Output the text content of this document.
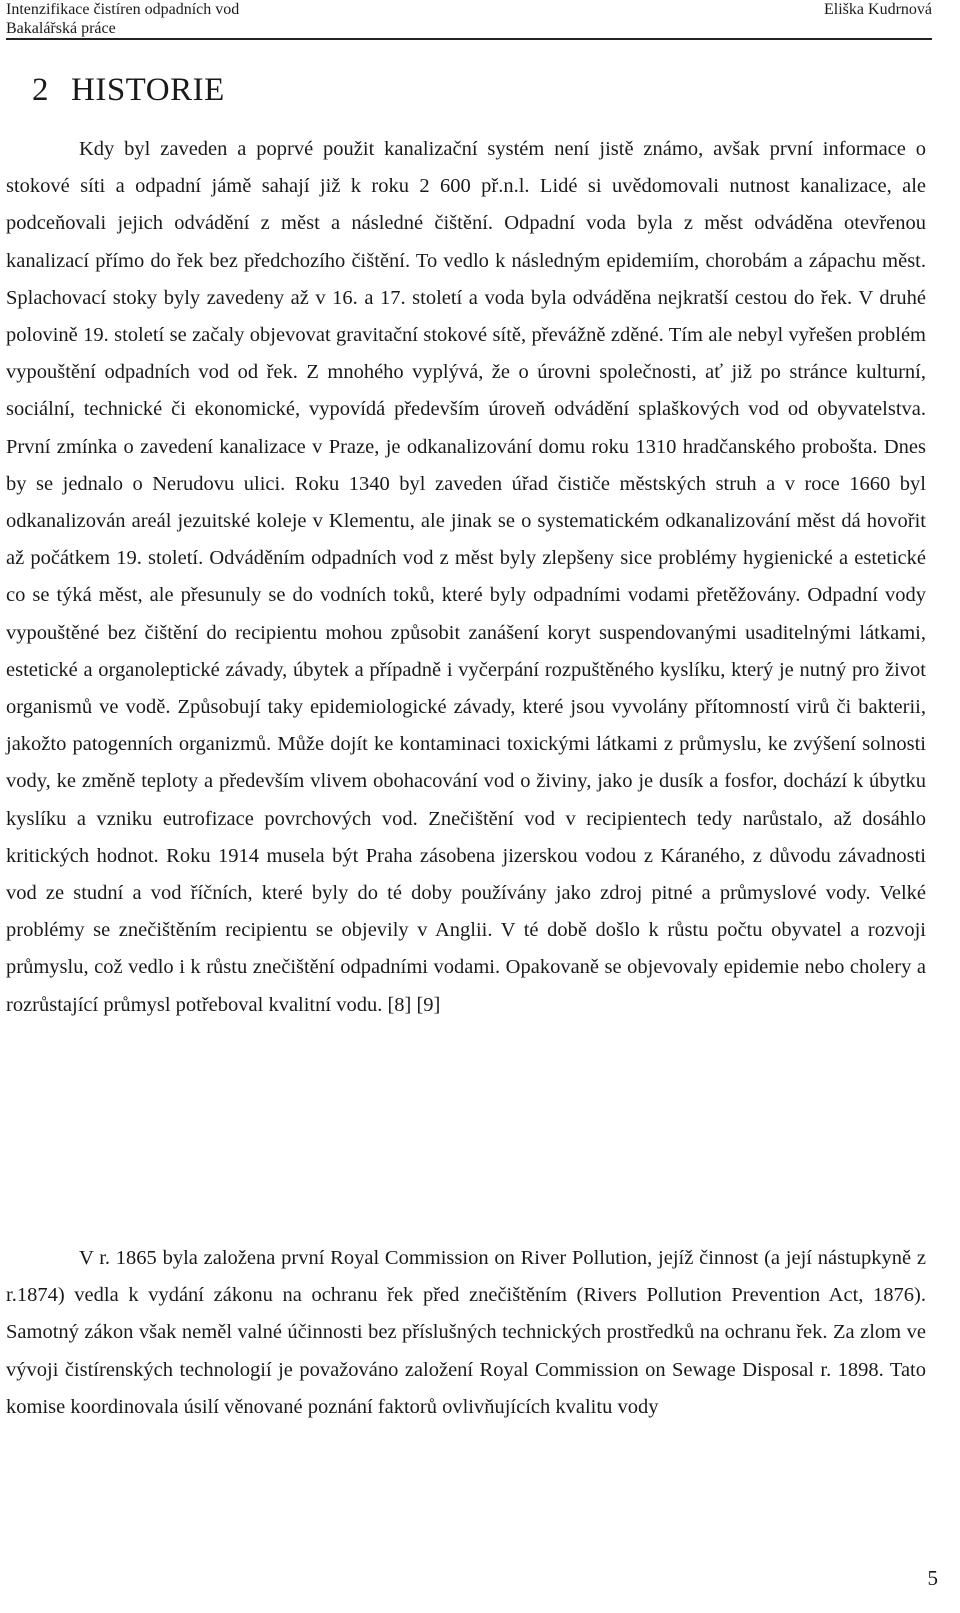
Intenzifikace čistíren odpadních vod
Bakalářská práce
Eliška Kudrnová
2 HISTORIE

Kdy byl zaveden a poprvé použit kanalizační systém není jistě známo, avšak první informace o stokové síti a odpadní jámě sahají již k roku 2 600 př.n.l. Lidé si uvědomovali nutnost kanalizace, ale podceňovali jejich odvádění z měst a následné čištění. Odpadní voda byla z měst odváděna otevřenou kanalizací přímo do řek bez předchozího čištění. To vedlo k následným epidemiím, chorobám a zápachu měst. Splachovací stoky byly zavedeny až v 16. a 17. století a voda byla odváděna nejkratší cestou do řek. V druhé polovině 19. století se začaly objevovat gravitační stokové sítě, převážně zděné. Tím ale nebyl vyřešen problém vypouštění odpadních vod od řek. Z mnohého vyplývá, že o úrovni společnosti, ať již po stránce kulturní, sociální, technické či ekonomické, vypovídá především úroveň odvádění splaškových vod od obyvatelstva. První zmínka o zavedení kanalizace v Praze, je odkanalizování domu roku 1310 hradčanského probošta. Dnes by se jednalo o Nerudovu ulici. Roku 1340 byl zaveden úřad čističe městských struh a v roce 1660 byl odkanalizován areál jezuitské koleje v Klementu, ale jinak se o systematickém odkanalizování měst dá hovořit až počátkem 19. století. Odváděním odpadních vod z měst byly zlepšeny sice problémy hygienické a estetické co se týká měst, ale přesunuly se do vodních toků, které byly odpadními vodami přetěžovány. Odpadní vody vypouštěné bez čištění do recipientu mohou způsobit zanášení koryt suspendovanými usaditelnými látkami, estetické a organoleptické závady, úbytek a případně i vyčerpání rozpuštěného kyslíku, který je nutný pro život organismů ve vodě. Způsobují taky epidemiologické závady, které jsou vyvolány přítomností virů či bakterii, jakožto patogenních organizmů. Může dojít ke kontaminaci toxickými látkami z průmyslu, ke zvýšení solnosti vody, ke změně teploty a především vlivem obohacování vod o živiny, jako je dusík a fosfor, dochází k úbytku kyslíku a vzniku eutrofizace povrchových vod. Znečištění vod v recipientech tedy narůstalo, až dosáhlo kritických hodnot. Roku 1914 musela být Praha zásobena jizerskou vodou z Káraného, z důvodu závadnosti vod ze studní a vod říčních, které byly do té doby používány jako zdroj pitné a průmyslové vody. Velké problémy se znečištěním recipientu se objevily v Anglii. V té době došlo k růstu počtu obyvatel a rozvoji průmyslu, což vedlo i k růstu znečištění odpadními vodami. Opakovaně se objevovaly epidemie nebo cholery a rozrůstající průmysl potřeboval kvalitní vodu. [8] [9]

V r. 1865 byla založena první Royal Commission on River Pollution, jejíž činnost (a její nástupkyně z r.1874) vedla k vydání zákonu na ochranu řek před znečištěním (Rivers Pollution Prevention Act, 1876). Samotný zákon však neměl valné účinnosti bez příslušných technických prostředků na ochranu řek. Za zlom ve vývoji čistírenských technologií je považováno založení Royal Commission on Sewage Disposal r. 1898. Tato komise koordinovala úsilí věnované poznání faktorů ovlivňujících kvalitu vody

5
